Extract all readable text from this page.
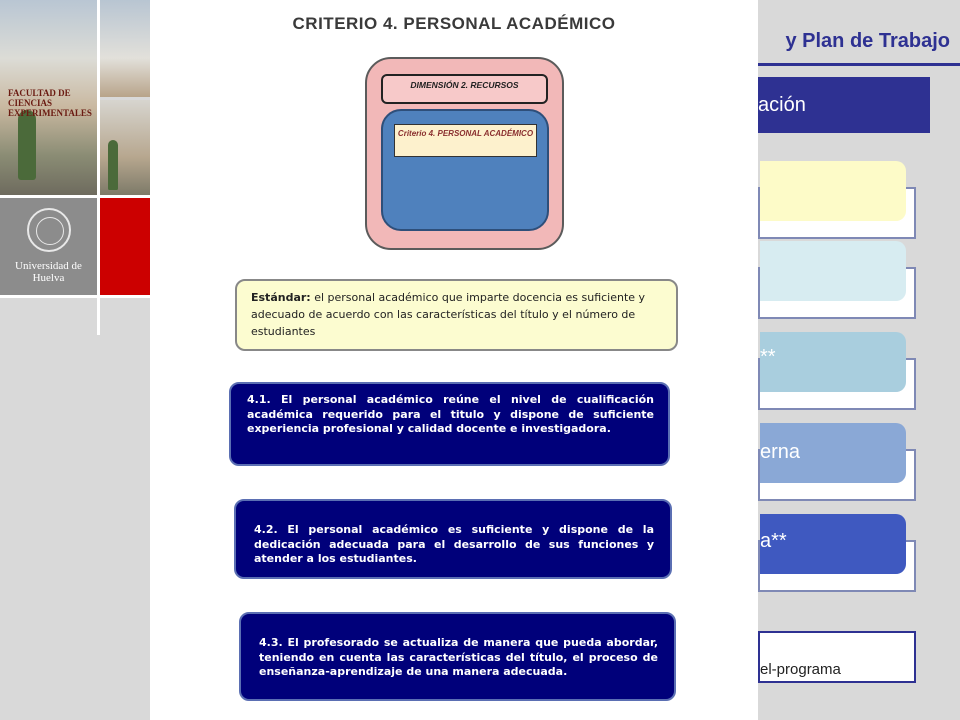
FACULTAD DE CIENCIAS EXPERIMENTALES
Universidad de Huelva
y Plan de Trabajo
ación
**
erna
a**
el-programa
CRITERIO 4. PERSONAL ACADÉMICO
DIMENSIÓN 2. RECURSOS
Criterio 4. PERSONAL ACADÉMICO
Estándar: el personal académico que imparte docencia es suficiente y adecuado de acuerdo con las características del título y el número de estudiantes
4.1. El personal académico reúne el nivel de cualificación académica requerido para el titulo y dispone de suficiente experiencia profesional y calidad docente e investigadora.
4.2. El personal académico es suficiente y dispone de la dedicación adecuada para el desarrollo de sus funciones y atender a los estudiantes.
4.3. El profesorado se actualiza de manera que pueda abordar, teniendo en cuenta las características del título, el proceso de enseñanza-aprendizaje de una manera adecuada.
